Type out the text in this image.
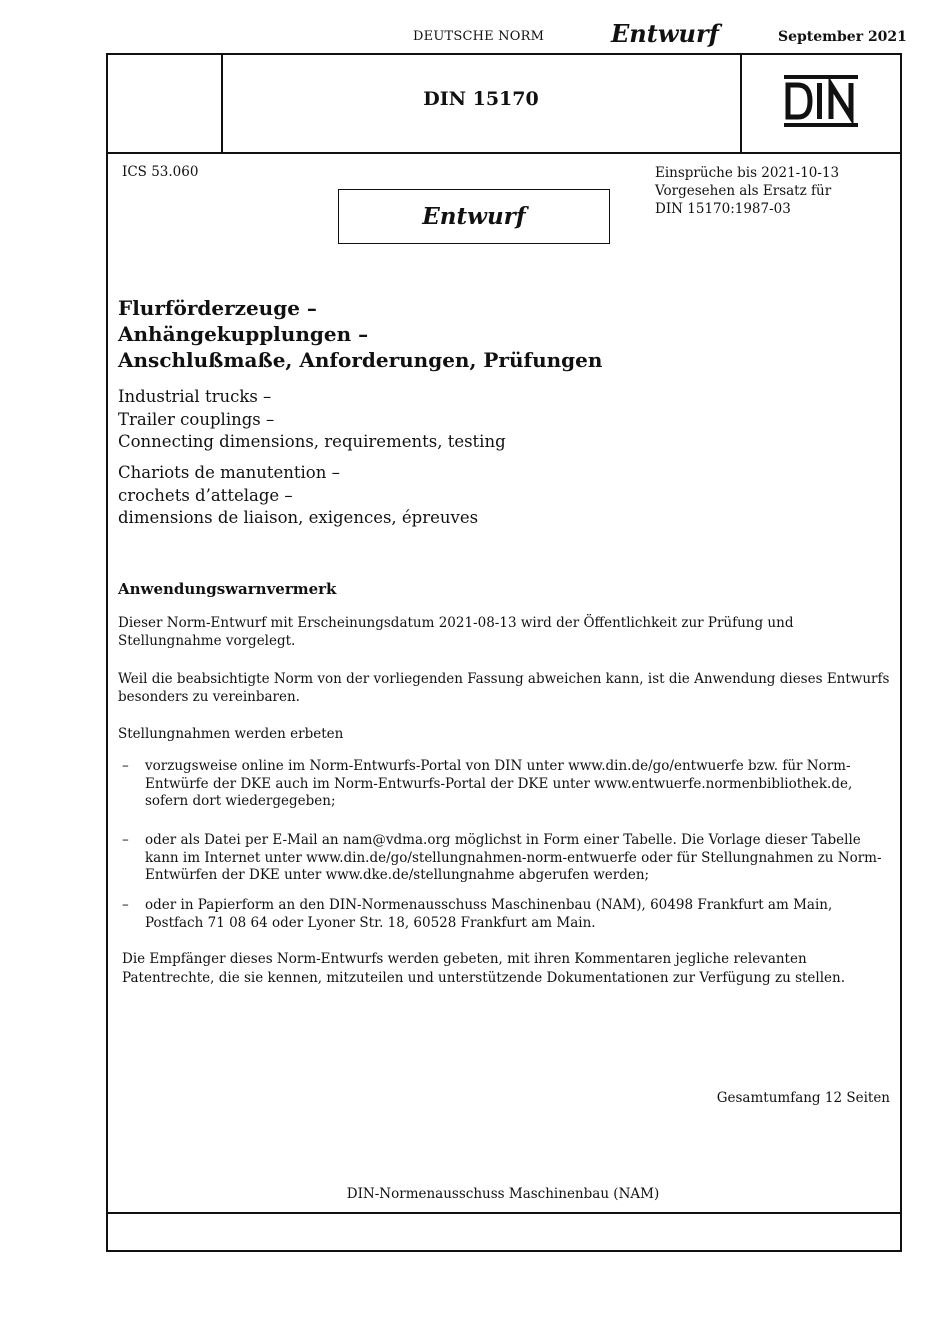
DEUTSCHE NORM	Entwurf	September 2021
DIN 15170
DIN
ICS 53.060	Einsprüche bis 2021-10-13
Vorgesehen als Ersatz für
DIN 15170:1987-03
Entwurf
Flurförderzeuge –
Anhängekupplungen –
Anschlußmaße, Anforderungen, Prüfungen
Industrial trucks –
Trailer couplings –
Connecting dimensions, requirements, testing
Chariots de manutention –
crochets d’attelage –
dimensions de liaison, exigences, épreuves
Anwendungswarnvermerk
Dieser Norm-Entwurf mit Erscheinungsdatum 2021-08-13 wird der Öffentlichkeit zur Prüfung und Stellungnahme vorgelegt.
Weil die beabsichtigte Norm von der vorliegenden Fassung abweichen kann, ist die Anwendung dieses Entwurfs besonders zu vereinbaren.
Stellungnahmen werden erbeten
– vorzugsweise online im Norm-Entwurfs-Portal von DIN unter www.din.de/go/entwuerfe bzw. für Norm-Entwürfe der DKE auch im Norm-Entwurfs-Portal der DKE unter www.entwuerfe.normenbibliothek.de, sofern dort wiedergegeben;
– oder als Datei per E-Mail an nam@vdma.org möglichst in Form einer Tabelle. Die Vorlage dieser Tabelle kann im Internet unter www.din.de/go/stellungnahmen-norm-entwuerfe oder für Stellungnahmen zu Norm-Entwürfen der DKE unter www.dke.de/stellungnahme abgerufen werden;
– oder in Papierform an den DIN-Normenausschuss Maschinenbau (NAM), 60498 Frankfurt am Main, Postfach 71 08 64 oder Lyoner Str. 18, 60528 Frankfurt am Main.
Die Empfänger dieses Norm-Entwurfs werden gebeten, mit ihren Kommentaren jegliche relevanten Patentrechte, die sie kennen, mitzuteilen und unterstützende Dokumentationen zur Verfügung zu stellen.
Gesamtumfang 12 Seiten
DIN-Normenausschuss Maschinenbau (NAM)
